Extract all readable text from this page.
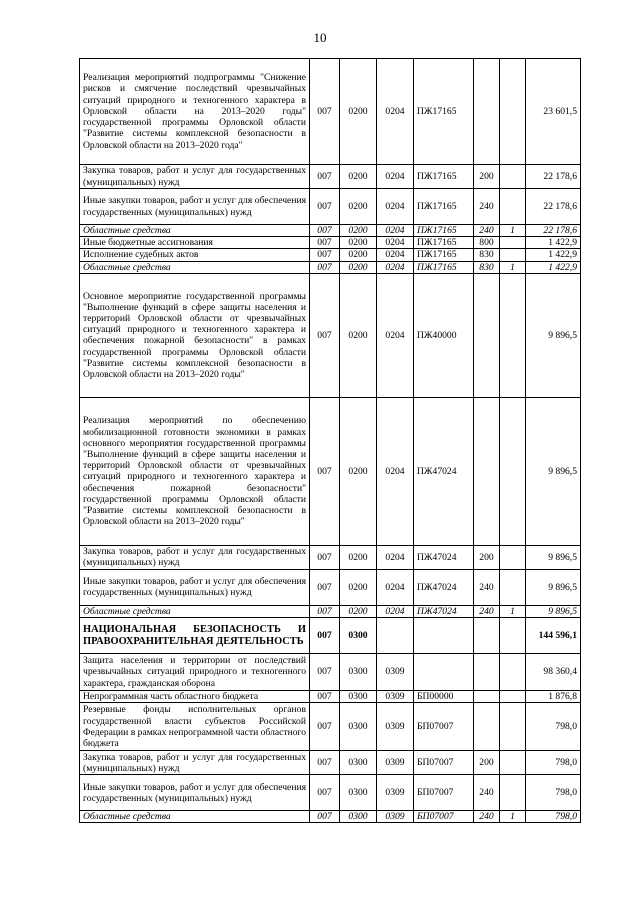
10
Реализация мероприятий подпрограммы "Снижение рисков и смягчение последствий чрезвычайных ситуаций природного и техногенного характера в Орловской области на 2013–2020 годы" государственной программы Орловской области "Развитие системы комплексной безопасности в Орловской области на 2013–2020 года"	007	0200	0204	ПЖ17165			23 601,5
Закупка товаров, работ и услуг для государственных (муниципальных) нужд	007	0200	0204	ПЖ17165	200		22 178,6
Иные закупки товаров, работ и услуг для обеспечения государственных (муниципальных) нужд	007	0200	0204	ПЖ17165	240		22 178,6
Областные средства	007	0200	0204	ПЖ17165	240	1	22 178,6
Иные бюджетные ассигнования	007	0200	0204	ПЖ17165	800		1 422,9
Исполнение судебных актов	007	0200	0204	ПЖ17165	830		1 422,9
Областные средства	007	0200	0204	ПЖ17165	830	1	1 422,9
Основное мероприятие государственной программы "Выполнение функций в сфере защиты населения и территорий Орловской области от чрезвычайных ситуаций природного и техногенного характера и обеспечения пожарной безопасности" в рамках государственной программы Орловской области "Развитие системы комплексной безопасности в Орловской области на 2013–2020 годы"	007	0200	0204	ПЖ40000			9 896,5
Реализация мероприятий по обеспечению мобилизационной готовности экономики в рамках основного мероприятия государственной программы "Выполнение функций в сфере защиты населения и территорий Орловской области от чрезвычайных ситуаций природного и техногенного характера и обеспечения пожарной безопасности" государственной программы Орловской области "Развитие системы комплексной безопасности в Орловской области на 2013–2020 годы"	007	0200	0204	ПЖ47024			9 896,5
Закупка товаров, работ и услуг для государственных (муниципальных) нужд	007	0200	0204	ПЖ47024	200		9 896,5
Иные закупки товаров, работ и услуг для обеспечения государственных (муниципальных) нужд	007	0200	0204	ПЖ47024	240		9 896,5
Областные средства	007	0200	0204	ПЖ47024	240	1	9 896,5
НАЦИОНАЛЬНАЯ БЕЗОПАСНОСТЬ И ПРАВООХРАНИТЕЛЬНАЯ ДЕЯТЕЛЬНОСТЬ	007	0300					144 596,1
Защита населения и территории от последствий чрезвычайных ситуаций природного и техногенного характера, гражданская оборона	007	0300	0309				98 360,4
Непрограммная часть областного бюджета	007	0300	0309	БП00000			1 876,8
Резервные фонды исполнительных органов государственной власти субъектов Российской Федерации в рамках непрограммной части областного бюджета	007	0300	0309	БП07007			798,0
Закупка товаров, работ и услуг для государственных (муниципальных) нужд	007	0300	0309	БП07007	200		798,0
Иные закупки товаров, работ и услуг для обеспечения государственных (муниципальных) нужд	007	0300	0309	БП07007	240		798,0
Областные средства	007	0300	0309	БП07007	240	1	798,0
